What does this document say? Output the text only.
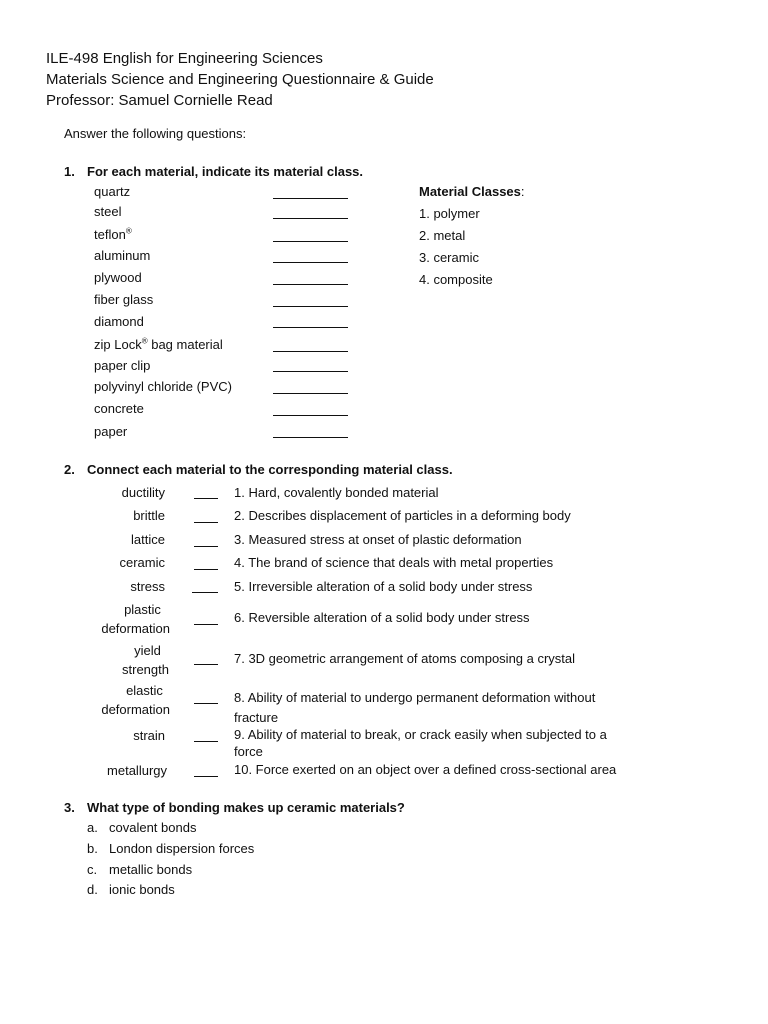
ILE-498 English for Engineering Sciences
Materials Science and Engineering Questionnaire & Guide
Professor: Samuel Cornielle Read
Answer the following questions:
1. For each material, indicate its material class.
quartz
steel
teflon®
aluminum
plywood
fiber glass
diamond
zip Lock® bag material
paper clip
polyvinyl chloride (PVC)
concrete
paper
Material Classes:
1. polymer
2. metal
3. ceramic
4. composite
2. Connect each material to the corresponding material class.
ductility
brittle
lattice
ceramic
stress
plastic
deformation
yield
strength
elastic
deformation
strain
metallurgy
1. Hard, covalently bonded material
2. Describes displacement of particles in a deforming body
3. Measured stress at onset of plastic deformation
4. The brand of science that deals with metal properties
5. Irreversible alteration of a solid body under stress
6. Reversible alteration of a solid body under stress
7. 3D geometric arrangement of atoms composing a crystal
8. Ability of material to undergo permanent deformation without
fracture
9. Ability of material to break, or crack easily when subjected to a
force
10. Force exerted on an object over a defined cross-sectional area
3. What type of bonding makes up ceramic materials?
a. covalent bonds
b. London dispersion forces
c. metallic bonds
d. ionic bonds
